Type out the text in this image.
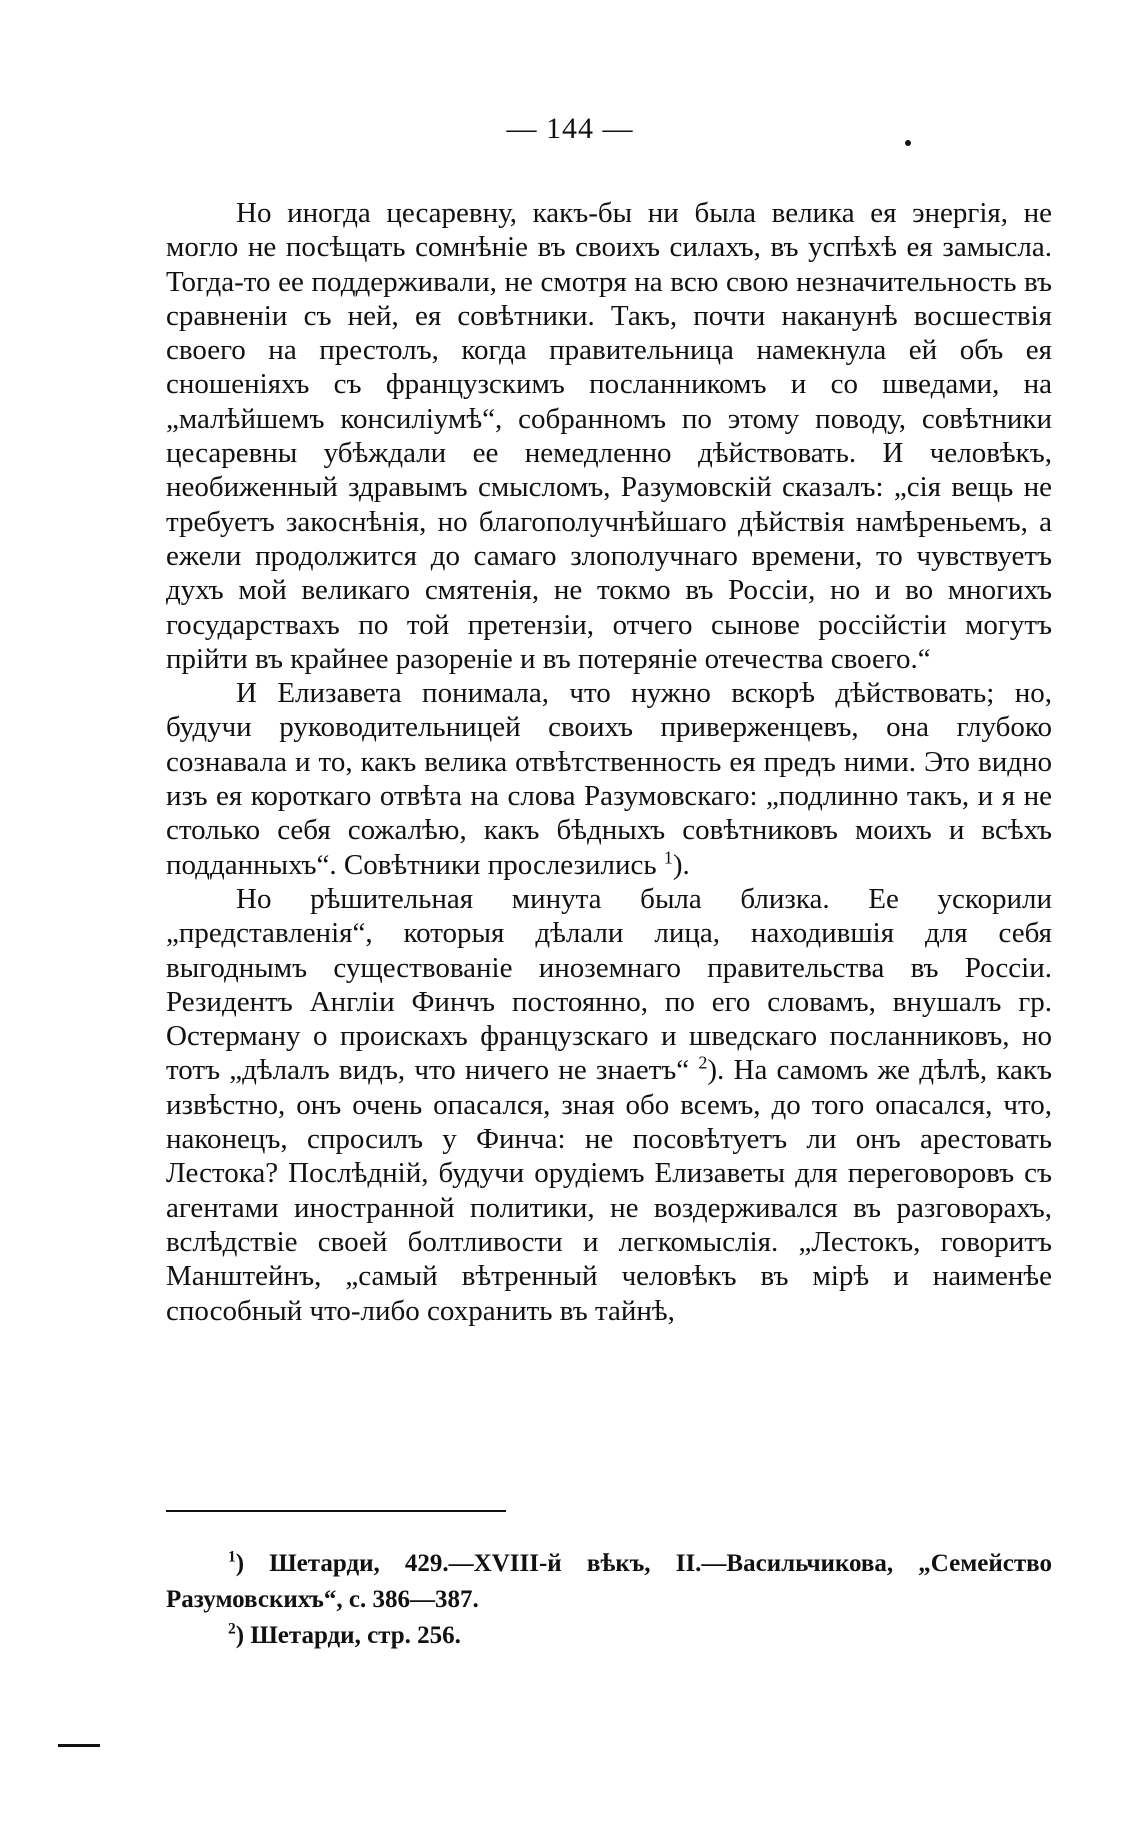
— 144 —

Но иногда цесаревну, какъ-бы ни была велика ея энергія, не могло не посѣщать сомнѣніе въ своихъ силахъ, въ успѣхѣ ея замысла. Тогда-то ее поддерживали, не смотря на всю свою незначительность въ сравненіи съ ней, ея совѣтники. Такъ, почти наканунѣ восшествія своего на престолъ, когда правительница намекнула ей объ ея сношеніяхъ съ французскимъ посланникомъ и со шведами, на „малѣйшемъ консиліумѣ“, собранномъ по этому поводу, совѣтники цесаревны убѣждали ее немедленно дѣйствовать. И человѣкъ, необиженный здравымъ смысломъ, Разумовскій сказалъ: „сія вещь не требуетъ закоснѣнія, но благополучнѣйшаго дѣйствія намѣреньемъ, а ежели продолжится до самаго злополучнаго времени, то чувствуетъ духъ мой великаго смятенія, не токмо въ Россіи, но и во многихъ государствахъ по той претензіи, отчего сынове россійстіи могутъ прійти въ крайнее разореніе и въ потеряніе отечества своего.“

И Елизавета понимала, что нужно вскорѣ дѣйствовать; но, будучи руководительницей своихъ приверженцевъ, она глубоко сознавала и то, какъ велика отвѣтственность ея предъ ними. Это видно изъ ея короткаго отвѣта на слова Разумовскаго: „подлинно такъ, и я не столько себя сожалѣю, какъ бѣдныхъ совѣтниковъ моихъ и всѣхъ подданныхъ“. Совѣтники прослезились $^1$).

Но рѣшительная минута была близка. Ее ускорили „представленія“, которыя дѣлали лица, находившія для себя выгоднымъ существованіе иноземнаго правительства въ Россіи. Резидентъ Англіи Финчъ постоянно, по его словамъ, внушалъ гр. Остерману о проискахъ французскаго и шведскаго посланниковъ, но тотъ „дѣлалъ видъ, что ничего не знаетъ“ $^2$). На самомъ же дѣлѣ, какъ извѣстно, онъ очень опасался, зная обо всемъ, до того опасался, что, наконецъ, спросилъ у Финча: не посовѣтуетъ ли онъ арестовать Лестока? Послѣдній, будучи орудіемъ Елизаветы для переговоровъ съ агентами иностранной политики, не воздерживался въ разговорахъ, вслѣдствіе своей болтливости и легкомыслія. „Лестокъ, говоритъ Манштейнъ, „самый вѣтренный человѣкъ въ мірѣ и наименѣе способный что-либо сохранить въ тайнѣ,

$^1$) Шетарди, 429.—XVIII-й вѣкъ, II.—Васильчикова, „Семейство Разумовскихъ“, с. 386—387.

$^2$) Шетарди, стр. 256.
